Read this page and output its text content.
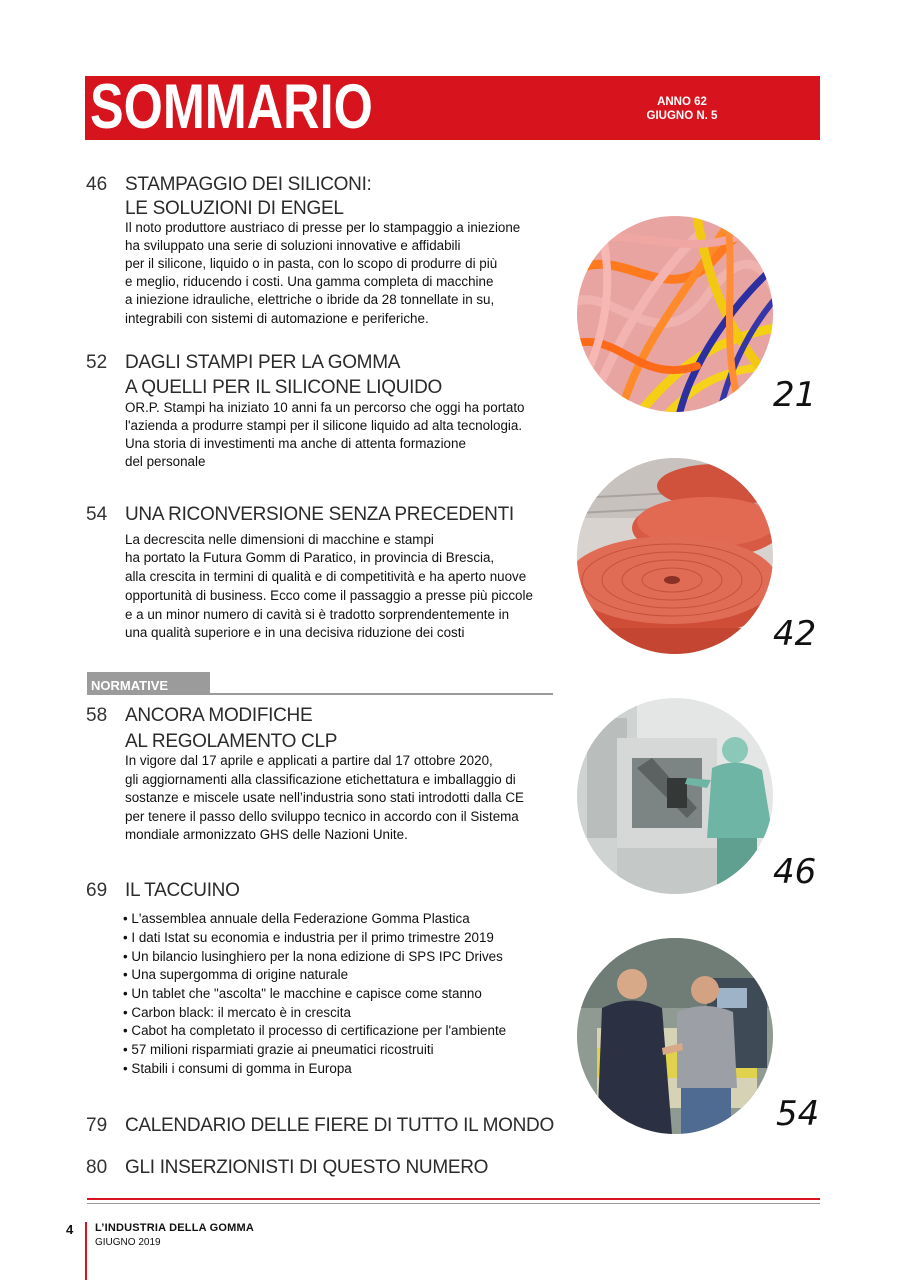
SOMMARIO	ANNO 62
GIUGNO N. 5
46 STAMPAGGIO DEI SILICONI:
LE SOLUZIONI DI ENGEL
Il noto produttore austriaco di presse per lo stampaggio a iniezione
ha sviluppato una serie di soluzioni innovative e affidabili
per il silicone, liquido o in pasta, con lo scopo di produrre di più
e meglio, riducendo i costi. Una gamma completa di macchine
a iniezione idrauliche, elettriche o ibride da 28 tonnellate in su,
integrabili con sistemi di automazione e periferiche.
52 DAGLI STAMPI PER LA GOMMA
A QUELLI PER IL SILICONE LIQUIDO
OR.P. Stampi ha iniziato 10 anni fa un percorso che oggi ha portato
l'azienda a produrre stampi per il silicone liquido ad alta tecnologia.
Una storia di investimenti ma anche di attenta formazione
del personale
54 UNA RICONVERSIONE SENZA PRECEDENTI
La decrescita nelle dimensioni di macchine e stampi
ha portato la Futura Gomm di Paratico, in provincia di Brescia,
alla crescita in termini di qualità e di competitività e ha aperto nuove
opportunità di business. Ecco come il passaggio a presse più piccole
e a un minor numero di cavità si è tradotto sorprendentemente in
una qualità superiore e in una decisiva riduzione dei costi
NORMATIVE
58 ANCORA MODIFICHE
AL REGOLAMENTO CLP
In vigore dal 17 aprile e applicati a partire dal 17 ottobre 2020,
gli aggiornamenti alla classificazione etichettatura e imballaggio di
sostanze e miscele usate nell’industria sono stati introdotti dalla CE
per tenere il passo dello sviluppo tecnico in accordo con il Sistema
mondiale armonizzato GHS delle Nazioni Unite.
69 IL TACCUINO
• L'assemblea annuale della Federazione Gomma Plastica
• I dati Istat su economia e industria per il primo trimestre 2019
• Un bilancio lusinghiero per la nona edizione di SPS IPC Drives
• Una supergomma di origine naturale
• Un tablet che "ascolta" le macchine e capisce come stanno
• Carbon black: il mercato è in crescita
• Cabot ha completato il processo di certificazione per l'ambiente
• 57 milioni risparmiati grazie ai pneumatici ricostruiti
• Stabili i consumi di gomma in Europa
79 CALENDARIO DELLE FIERE DI TUTTO IL MONDO
80 GLI INSERZIONISTI DI QUESTO NUMERO
21
42
46
54
4 L’INDUSTRIA DELLA GOMMA
GIUGNO 2019
